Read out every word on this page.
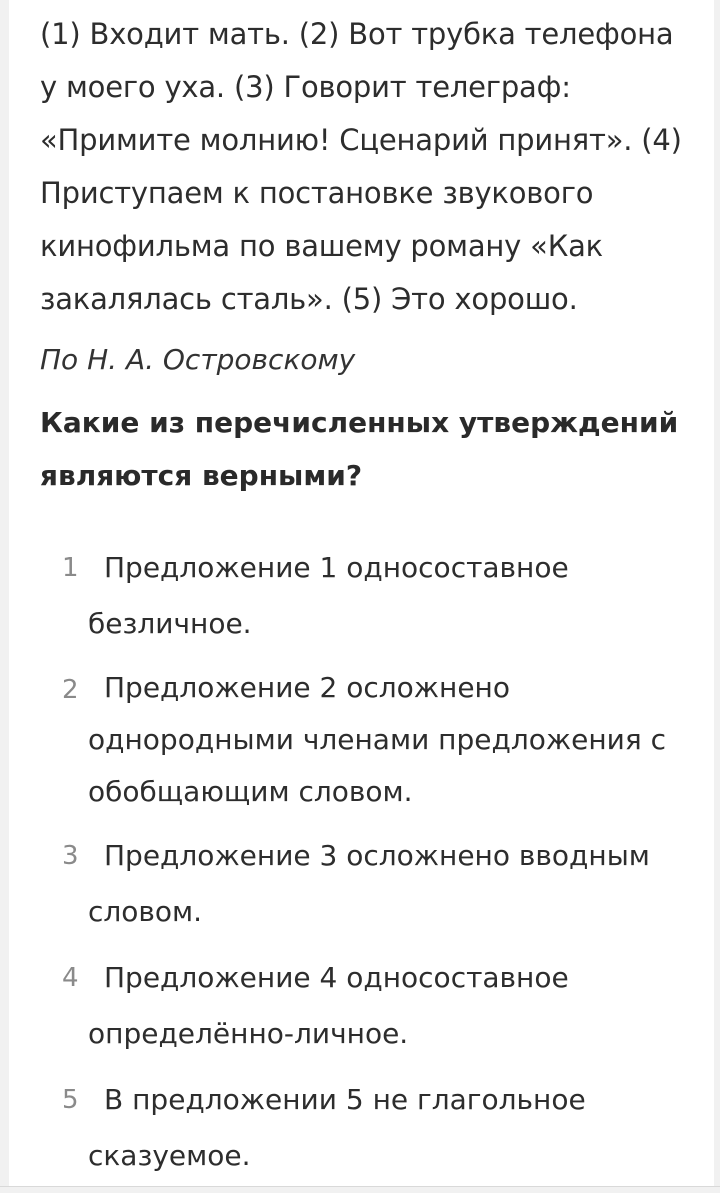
(1) Входит мать. (2) Вот трубка телефона у моего уха. (3) Говорит телеграф: «Примите молнию! Сценарий принят». (4) Приступаем к постановке звукового кинофильма по вашему роману «Как закалялась сталь». (5) Это хорошо.

По Н. А. Островскому

Какие из перечисленных утверждений являются верными?

1 Предложение 1 односоставное безличное.
2 Предложение 2 осложнено однородными членами предложения с обобщающим словом.
3 Предложение 3 осложнено вводным словом.
4 Предложение 4 односоставное определённо-личное.
5 В предложении 5 не глагольное сказуемое.
